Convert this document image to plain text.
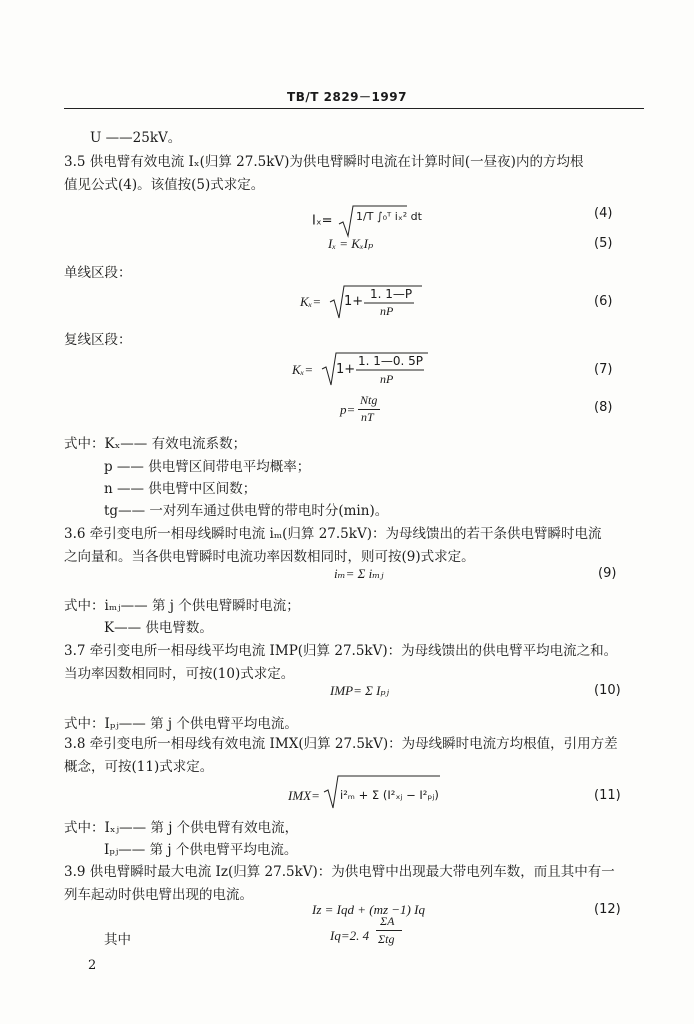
TB/T 2829－1997
U ——25kV。
3.5 供电臂有效电流 Iₓ(归算 27.5kV)为供电臂瞬时电流在计算时间(一昼夜)内的方均根
值见公式(4)。该值按(5)式求定。
Iₓ= 1/T ∫₀ᵀ iₓ² dt	(4)
Iₓ = KₓIₚ	(5)
单线区段：
Kₓ= 1+ 1. 1—P
nP
(6)
复线区段：
Kₓ= 1+
1. 1—0. 5P
nP
(7)
p=
Ntg
nT
(8)
式中：Kₓ—— 有效电流系数；
p —— 供电臂区间带电平均概率；
n —— 供电臂中区间数；
tg—— 一对列车通过供电臂的带电时分(min)。
3.6 牵引变电所一相母线瞬时电流 iₘ(归算 27.5kV)：为母线馈出的若干条供电臂瞬时电流
之向量和。当各供电臂瞬时电流功率因数相同时，则可按(9)式求定。
iₘ= Σ iₘⱼ	(9)
式中：iₘⱼ—— 第 j 个供电臂瞬时电流；
K—— 供电臂数。
3.7 牵引变电所一相母线平均电流 IMP(归算 27.5kV)：为母线馈出的供电臂平均电流之和。
当功率因数相同时，可按(10)式求定。
IMP= Σ Iₚⱼ	(10)
式中：Iₚⱼ—— 第 j 个供电臂平均电流。
3.8 牵引变电所一相母线有效电流 IMX(归算 27.5kV)：为母线瞬时电流方均根值，引用方差
概念，可按(11)式求定。
IMX= i²ₘ + Σ (I²ₓⱼ − I²ₚⱼ)	(11)
式中：Iₓⱼ—— 第 j 个供电臂有效电流，
Iₚⱼ—— 第 j 个供电臂平均电流。
3.9 供电臂瞬时最大电流 Iz(归算 27.5kV)：为供电臂中出现最大带电列车数，而且其中有一
列车起动时供电臂出现的电流。
Iz = Iqd + (mz −1) Iq	(12)
其中	Iq=2. 4
ΣA
Σtg
2
